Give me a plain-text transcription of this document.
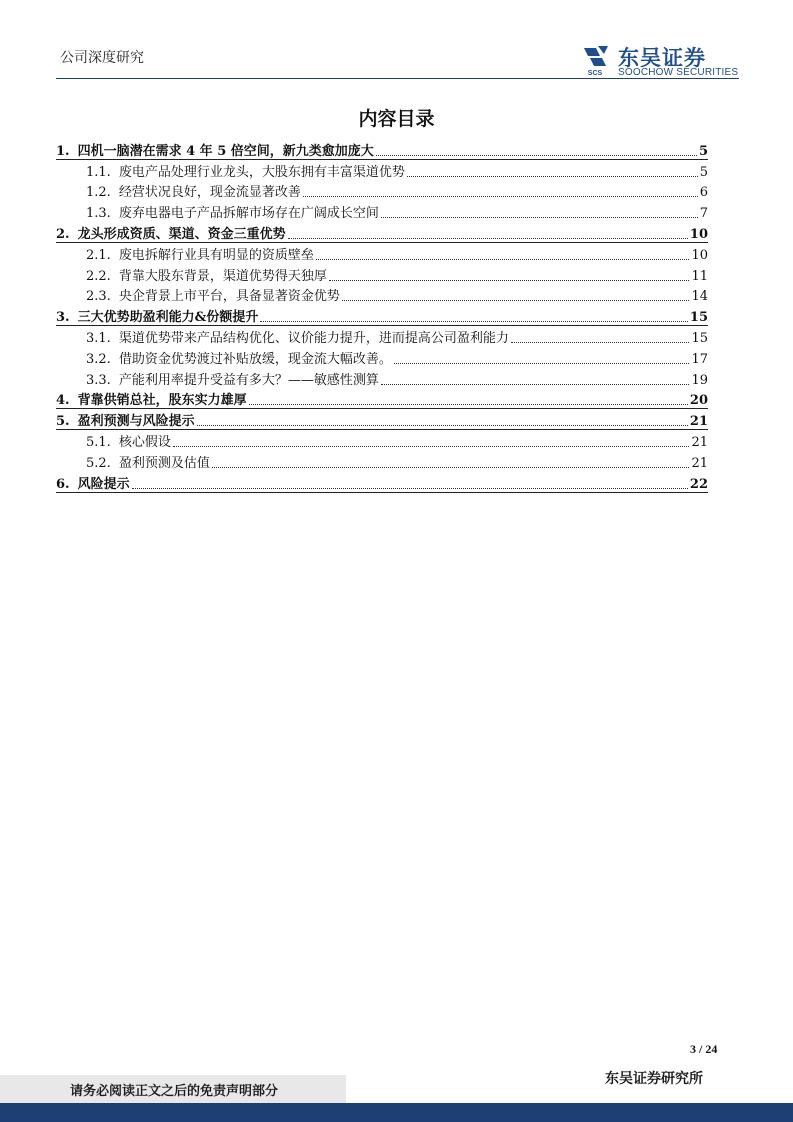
公司深度研究
SCS
东吴证券
SOOCHOW SECURITIES
内容目录
1. 四机一脑潜在需求 4 年 5 倍空间，新九类愈加庞大	5
1.1. 废电产品处理行业龙头，大股东拥有丰富渠道优势	5
1.2. 经营状况良好，现金流显著改善	6
1.3. 废弃电器电子产品拆解市场存在广阔成长空间	7
2. 龙头形成资质、渠道、资金三重优势	10
2.1. 废电拆解行业具有明显的资质壁垒	10
2.2. 背靠大股东背景，渠道优势得天独厚	11
2.3. 央企背景上市平台，具备显著资金优势	14
3. 三大优势助盈利能力&份额提升	15
3.1. 渠道优势带来产品结构优化、议价能力提升，进而提高公司盈利能力	15
3.2. 借助资金优势渡过补贴放缓，现金流大幅改善。	17
3.3. 产能利用率提升受益有多大？——敏感性测算	19
4. 背靠供销总社，股东实力雄厚	20
5. 盈利预测与风险提示	21
5.1. 核心假设	21
5.2. 盈利预测及估值	21
6. 风险提示	22
3 / 24
请务必阅读正文之后的免责声明部分
东吴证券研究所
